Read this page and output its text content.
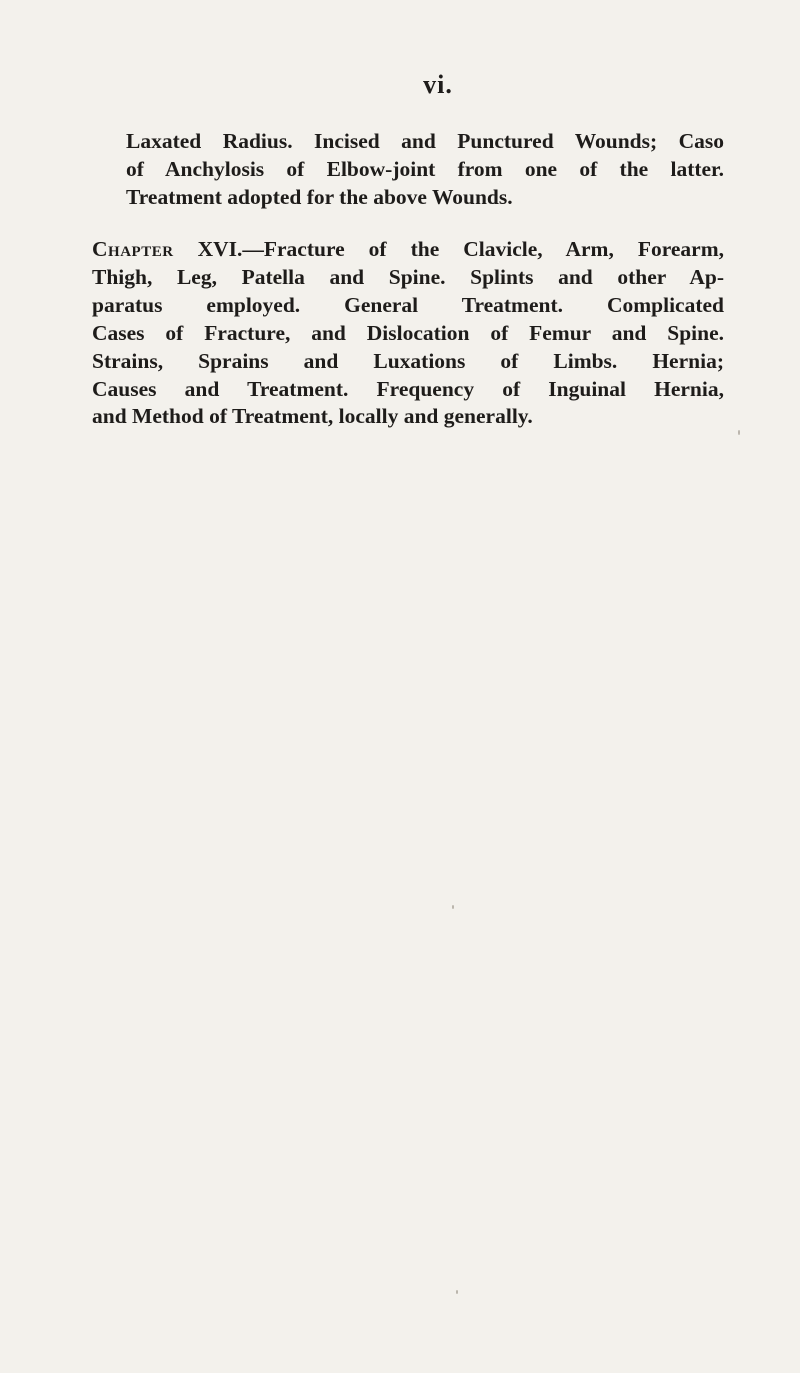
vi.

Laxated Radius. Incised and Punctured Wounds; Caso
of Anchylosis of Elbow-joint from one of the latter.
Treatment adopted for the above Wounds.

Chapter XVI.—Fracture of the Clavicle, Arm, Forearm,
Thigh, Leg, Patella and Spine. Splints and other Ap-
paratus employed. General Treatment. Complicated
Cases of Fracture, and Dislocation of Femur and Spine.
Strains, Sprains and Luxations of Limbs. Hernia;
Causes and Treatment. Frequency of Inguinal Hernia,
and Method of Treatment, locally and generally.
